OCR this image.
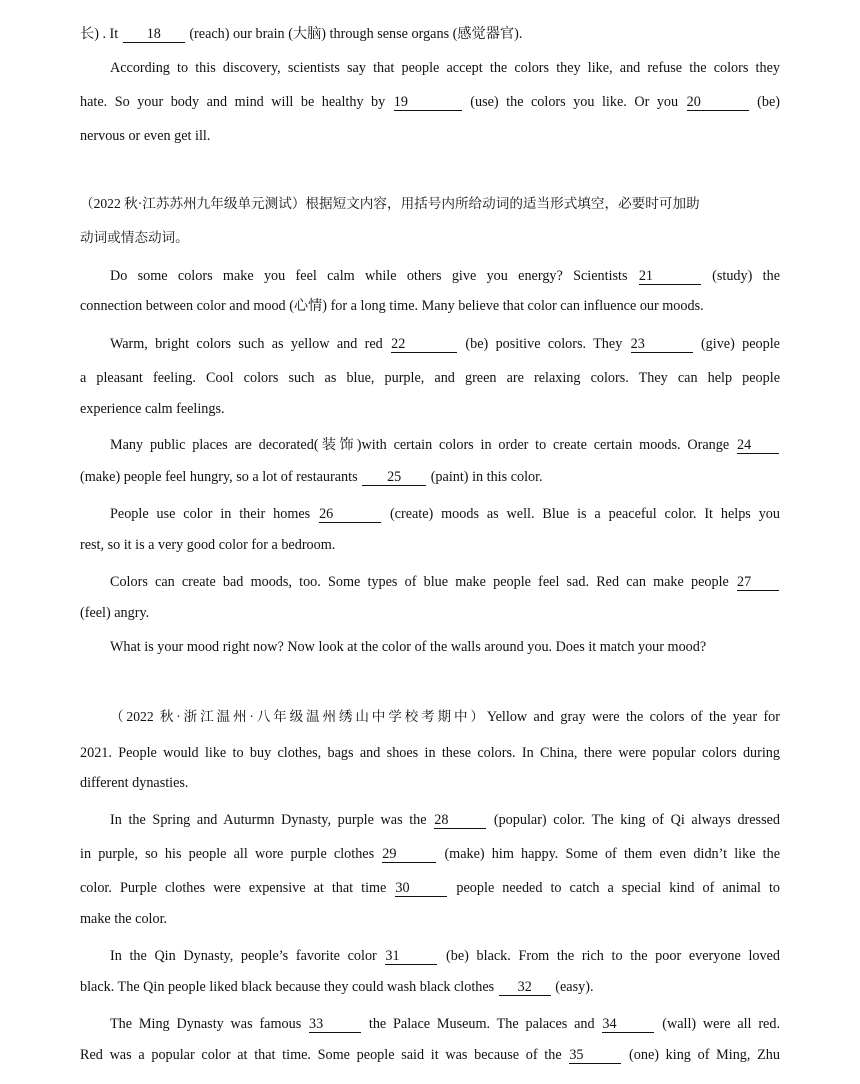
长) . It 18 (reach) our brain (大脑) through sense organs (感觉器官).

According to this discovery, scientists say that people accept the colors they like, and refuse the colors they

hate. So your body and mind will be healthy by 19	(use) the colors you like. Or you 20	(be)

nervous or even get ill.

（2022 秋·江苏苏州九年级单元测试）根据短文内容，用括号内所给动词的适当形式填空，必要时可加助
动词或情态动词。

Do some colors make you feel calm while others give you energy? Scientists 21	(study) the

connection between color and mood (心情) for a long time. Many believe that color can influence our moods.

Warm, bright colors such as yellow and red 22	(be) positive colors. They 23	(give) people

a pleasant feeling. Cool colors such as blue, purple, and green are relaxing colors. They can help people

experience calm feelings.

Many public places are decorated(装饰)with certain colors in order to create certain moods. Orange 24

(make) people feel hungry, so a lot of restaurants 25 (paint) in this color.

People use color in their homes 26	(create) moods as well. Blue is a peaceful color. It helps you

rest, so it is a very good color for a bedroom.

Colors can create bad moods, too. Some types of blue make people feel sad. Red can make people 27

(feel) angry.

What is your mood right now? Now look at the color of the walls around you. Does it match your mood?

（2022 秋·浙江温州·八年级温州绣山中学校考期中）Yellow and gray were the colors of the year for

2021. People would like to buy clothes, bags and shoes in these colors. In China, there were popular colors during

different dynasties.

In the Spring and Auturmn Dynasty, purple was the 28	(popular) color. The king of Qi always dressed

in purple, so his people all wore purple clothes 29	(make) him happy. Some of them even didn’t like the

color. Purple clothes were expensive at that time 30	people needed to catch a special kind of animal to

make the color.

In the Qin Dynasty, people’s favorite color 31	(be) black. From the rich to the poor everyone loved

black. The Qin people liked black because they could wash black clothes 32 (easy).

The Ming Dynasty was famous 33	the Palace Museum. The palaces and 34	(wall) were all red.

Red was a popular color at that time. Some people said it was because of the 35	(one) king of Ming, Zhu
